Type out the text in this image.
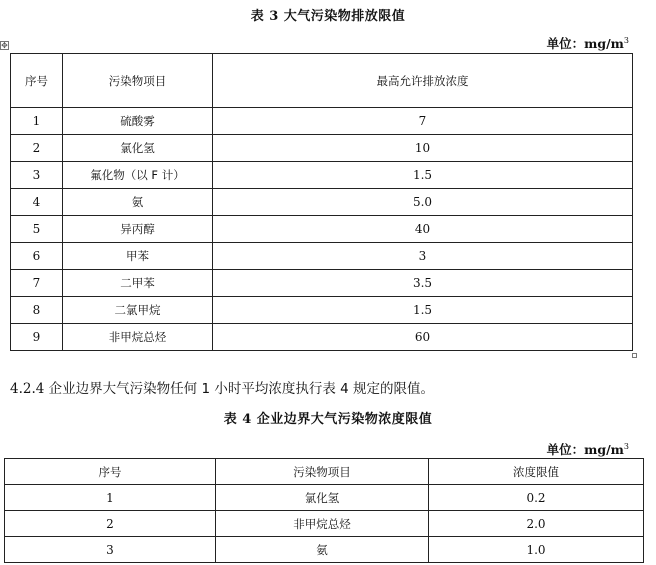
表 3 大气污染物排放限值
✥	单位：$mg/m^3$
序号	污染物项目	最高允许排放浓度
1	硫酸雾	7
2	氯化氢	10
3	氟化物（以 F 计）	1.5
4	氨	5.0
5	异丙醇	40
6	甲苯	3
7	二甲苯	3.5
8	二氯甲烷	1.5
9	非甲烷总烃	60
4.2.4 企业边界大气污染物任何 1 小时平均浓度执行表 4 规定的限值。
表 4 企业边界大气污染物浓度限值
单位：$mg/m^3$
序号	污染物项目	浓度限值
1	氯化氢	0.2
2	非甲烷总烃	2.0
3	氨	1.0
